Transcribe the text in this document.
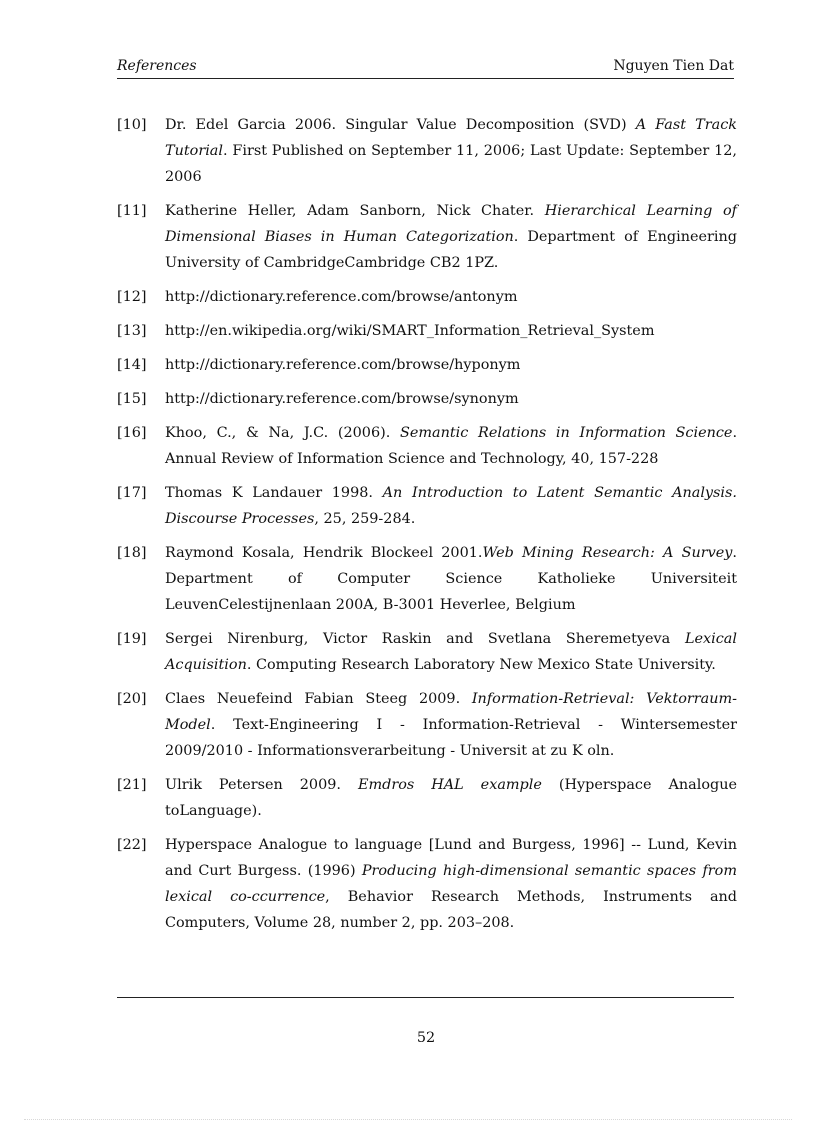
References	Nguyen Tien Dat
[10]	Dr. Edel Garcia 2006. Singular Value Decomposition (SVD) A Fast Track Tutorial. First Published on September 11, 2006; Last Update: September 12, 2006
[11]	Katherine Heller, Adam Sanborn, Nick Chater. Hierarchical Learning of Dimensional Biases in Human Categorization. Department of Engineering University of CambridgeCambridge CB2 1PZ.
[12]	http://dictionary.reference.com/browse/antonym
[13]	http://en.wikipedia.org/wiki/SMART_Information_Retrieval_System
[14]	http://dictionary.reference.com/browse/hyponym
[15]	http://dictionary.reference.com/browse/synonym
[16]	Khoo, C., & Na, J.C. (2006). Semantic Relations in Information Science. Annual Review of Information Science and Technology, 40, 157-228
[17]	Thomas K Landauer 1998. An Introduction to Latent Semantic Analysis. Discourse Processes, 25, 259-284.
[18]	Raymond Kosala, Hendrik Blockeel 2001.Web Mining Research: A Survey. Department of Computer Science Katholieke Universiteit LeuvenCelestijnenlaan 200A, B-3001 Heverlee, Belgium
[19]	Sergei Nirenburg, Victor Raskin and Svetlana Sheremetyeva Lexical Acquisition. Computing Research Laboratory New Mexico State University.
[20]	Claes Neuefeind Fabian Steeg 2009. Information-Retrieval: Vektorraum-Model. Text-Engineering I - Information-Retrieval - Wintersemester 2009/2010 - Informationsverarbeitung - Universit at zu K oln.
[21]	Ulrik Petersen 2009. Emdros HAL example (Hyperspace Analogue toLanguage).
[22]	Hyperspace Analogue to language [Lund and Burgess, 1996] -- Lund, Kevin and Curt Burgess. (1996) Producing high-dimensional semantic spaces from lexical co-ccurrence, Behavior Research Methods, Instruments and Computers, Volume 28, number 2, pp. 203–208.
52
